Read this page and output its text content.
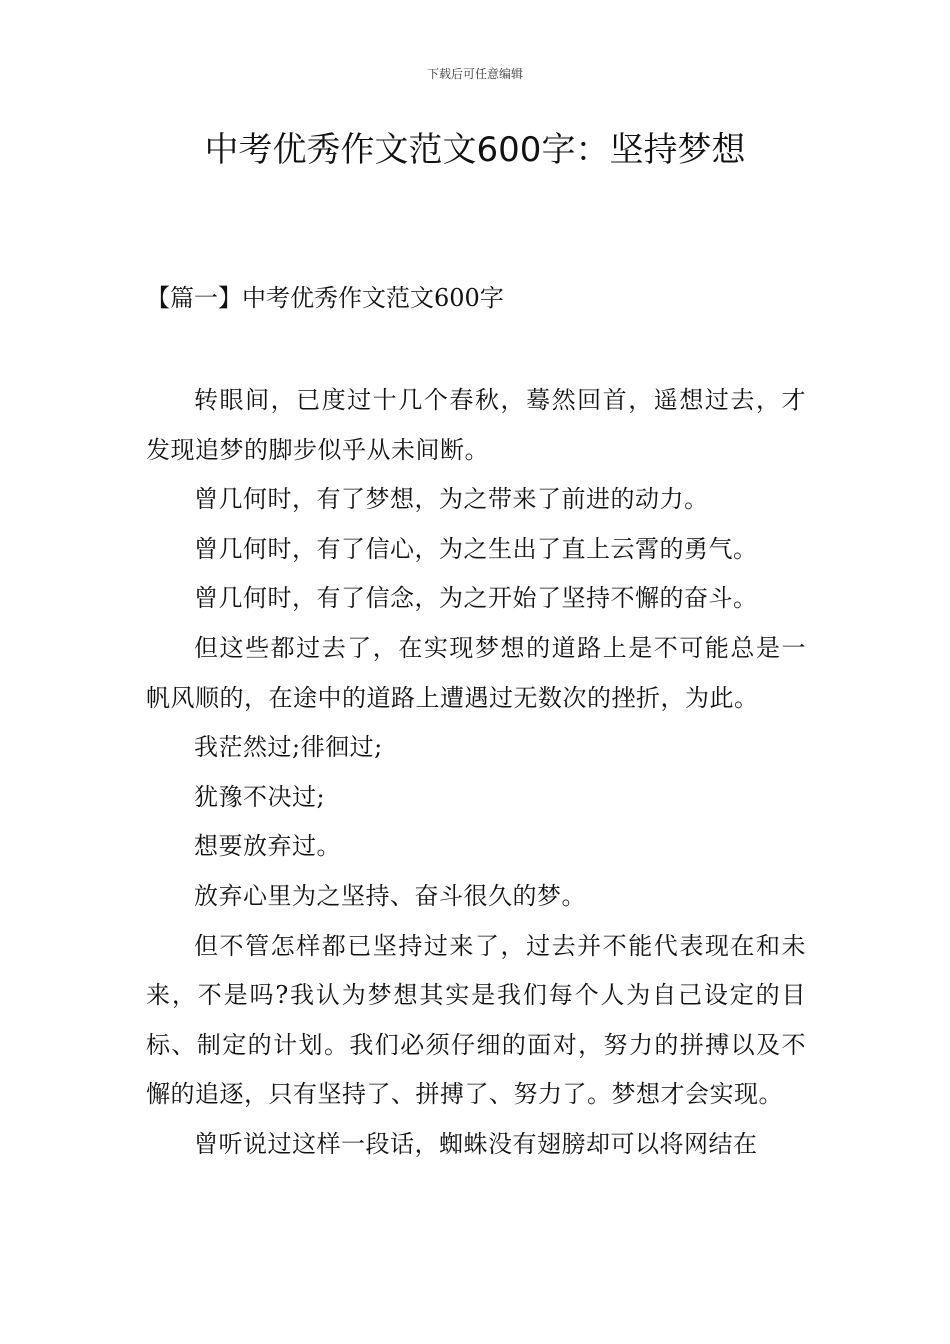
下载后可任意编辑
中考优秀作文范文600字：坚持梦想
【篇一】中考优秀作文范文600字

转眼间，已度过十几个春秋，蓦然回首，遥想过去，才发现追梦的脚步似乎从未间断。

曾几何时，有了梦想，为之带来了前进的动力。

曾几何时，有了信心，为之生出了直上云霄的勇气。

曾几何时，有了信念，为之开始了坚持不懈的奋斗。

但这些都过去了，在实现梦想的道路上是不可能总是一帆风顺的，在途中的道路上遭遇过无数次的挫折，为此。

我茫然过;徘徊过;

犹豫不决过;

想要放弃过。

放弃心里为之坚持、奋斗很久的梦。

但不管怎样都已坚持过来了，过去并不能代表现在和未来，不是吗?我认为梦想其实是我们每个人为自己设定的目标、制定的计划。我们必须仔细的面对，努力的拼搏以及不懈的追逐，只有坚持了、拼搏了、努力了。梦想才会实现。

曾听说过这样一段话，蜘蛛没有翅膀却可以将网结在
